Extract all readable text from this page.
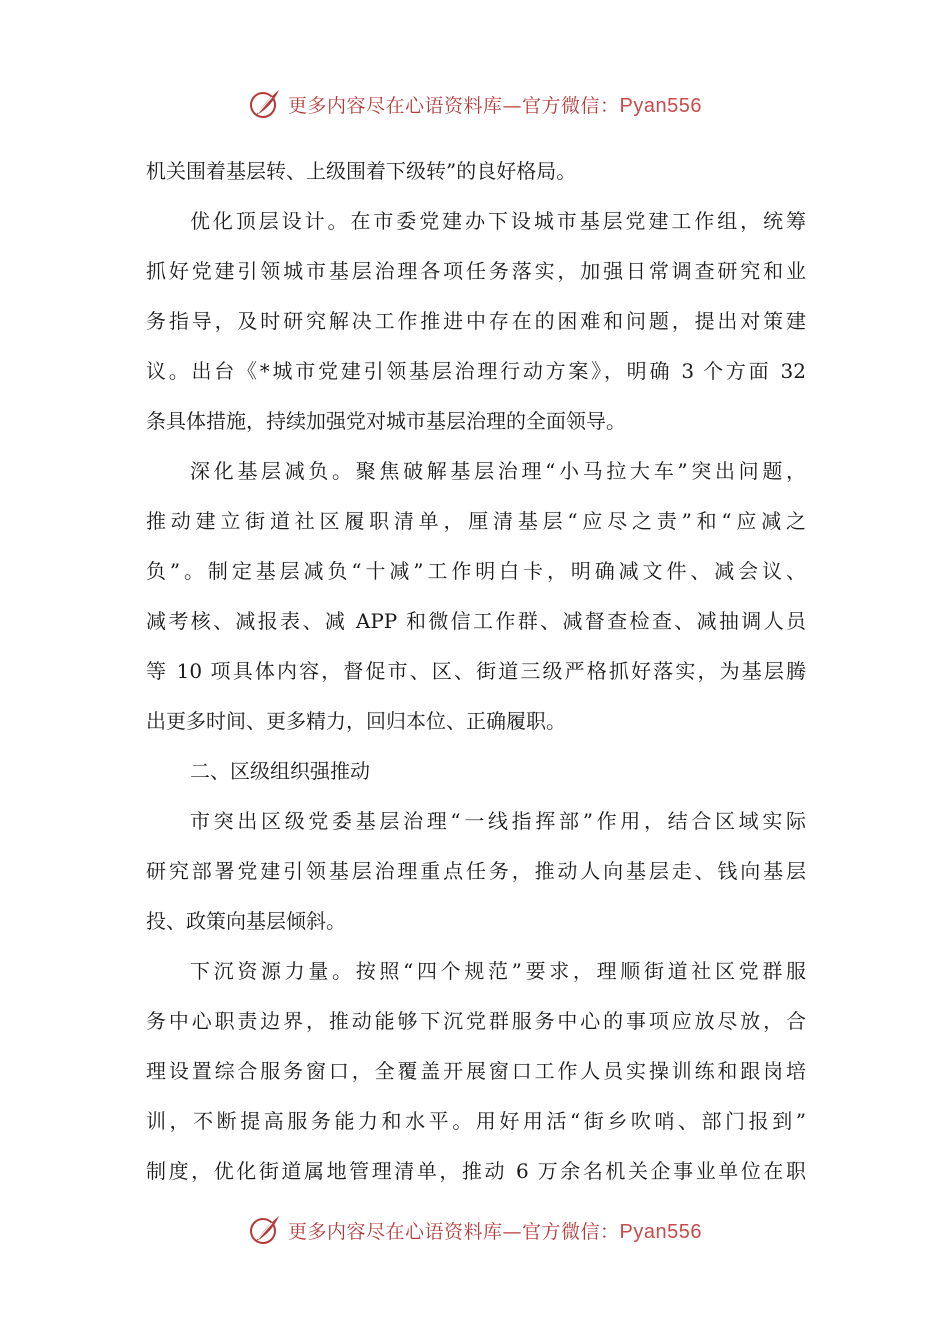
更多内容尽在心语资料库—官方微信：Pyan556
机关围着基层转、上级围着下级转”的良好格局。
优化顶层设计。在市委党建办下设城市基层党建工作组，统筹
抓好党建引领城市基层治理各项任务落实，加强日常调查研究和业
务指导，及时研究解决工作推进中存在的困难和问题，提出对策建
议。出台《*城市党建引领基层治理行动方案》，明确 3 个方面 32
条具体措施，持续加强党对城市基层治理的全面领导。
深化基层减负。聚焦破解基层治理“小马拉大车”突出问题，
推动建立街道社区履职清单，厘清基层“应尽之责”和“应减之
负”。制定基层减负“十减”工作明白卡，明确减文件、减会议、
减考核、减报表、减 APP 和微信工作群、减督查检查、减抽调人员
等 10 项具体内容，督促市、区、街道三级严格抓好落实，为基层腾
出更多时间、更多精力，回归本位、正确履职。
二、区级组织强推动
市突出区级党委基层治理“一线指挥部”作用，结合区域实际
研究部署党建引领基层治理重点任务，推动人向基层走、钱向基层
投、政策向基层倾斜。
下沉资源力量。按照“四个规范”要求，理顺街道社区党群服
务中心职责边界，推动能够下沉党群服务中心的事项应放尽放，合
理设置综合服务窗口，全覆盖开展窗口工作人员实操训练和跟岗培
训，不断提高服务能力和水平。用好用活“街乡吹哨、部门报到”
制度，优化街道属地管理清单，推动 6 万余名机关企事业单位在职
更多内容尽在心语资料库—官方微信：Pyan556
